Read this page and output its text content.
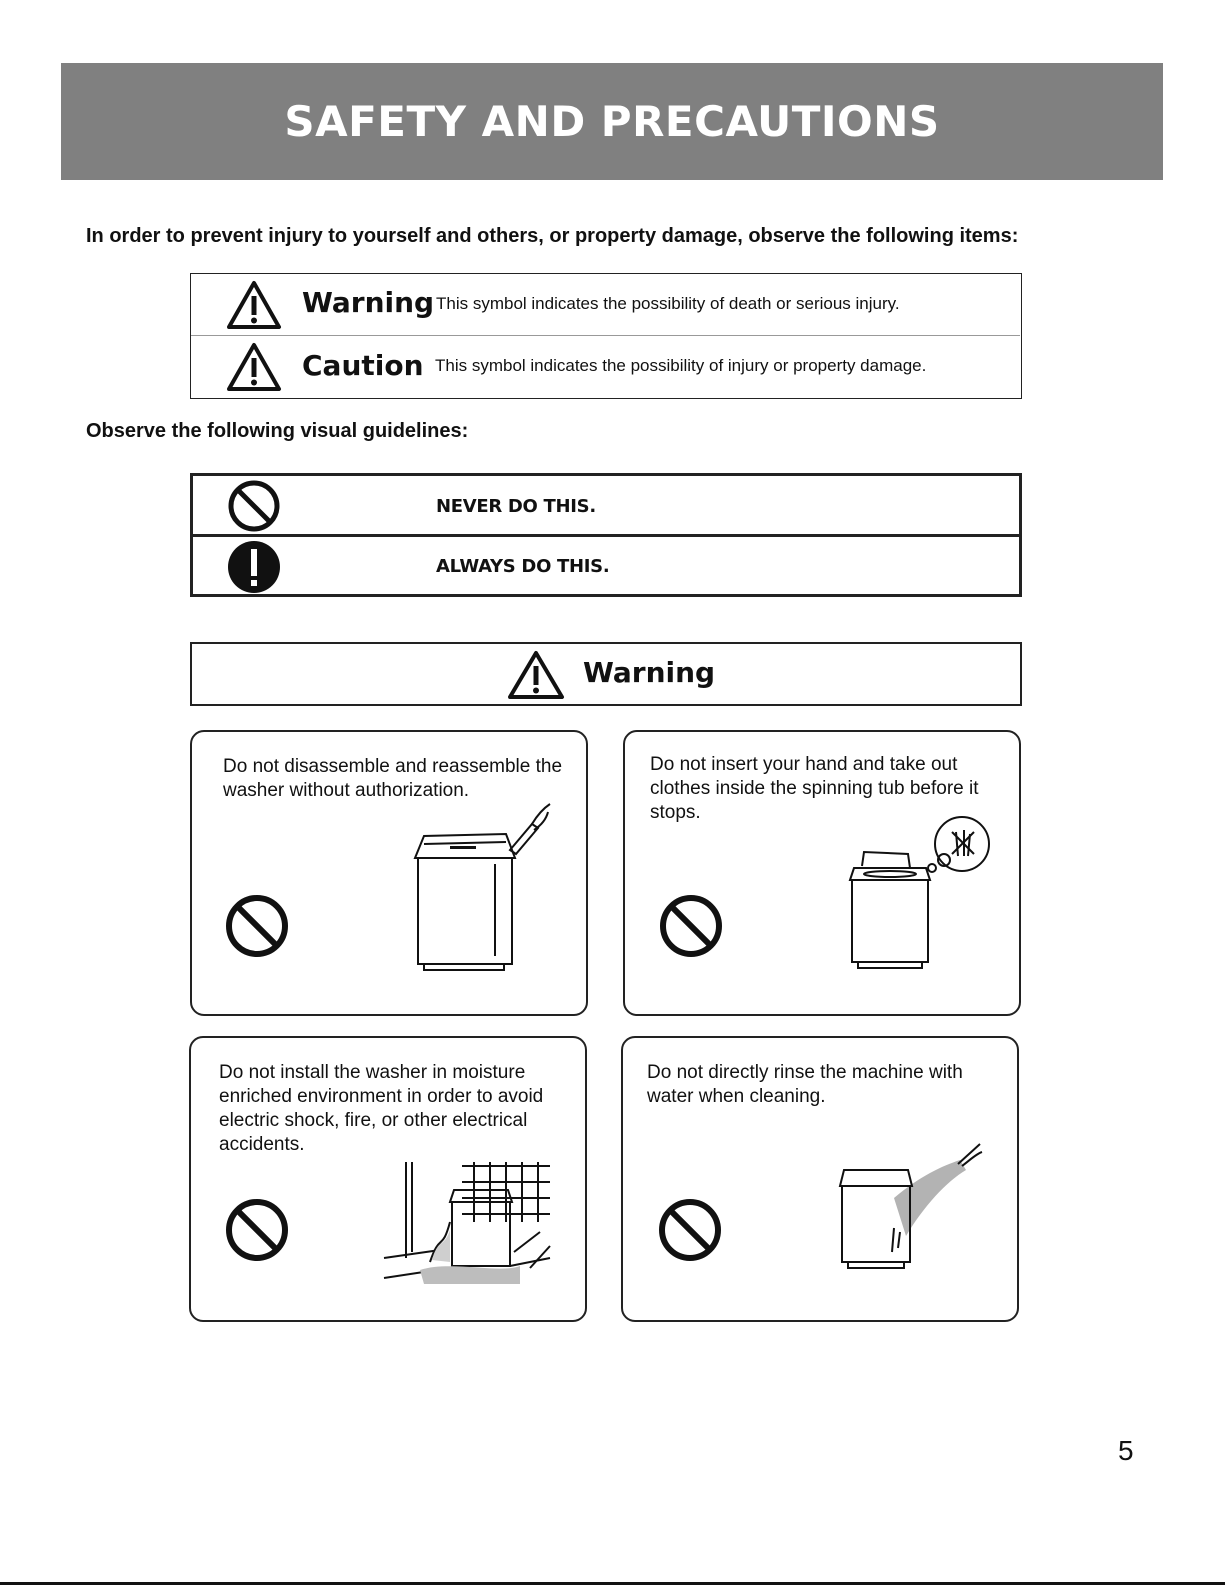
SAFETY AND PRECAUTIONS
In order to prevent injury to yourself and others, or property damage, observe the following items:
Warning This symbol indicates the possibility of death or serious injury.
Caution This symbol indicates the possibility of injury or property damage.
Observe the following visual guidelines:
NEVER DO THIS.
ALWAYS DO THIS.
Warning
Do not disassemble and reassemble the washer without authorization.
Do not insert your hand and take out clothes inside the spinning tub before it stops.
Do not install the washer in moisture enriched environment in order to avoid electric shock, fire, or other electrical accidents.
Do not directly rinse the machine with water when cleaning.
5
